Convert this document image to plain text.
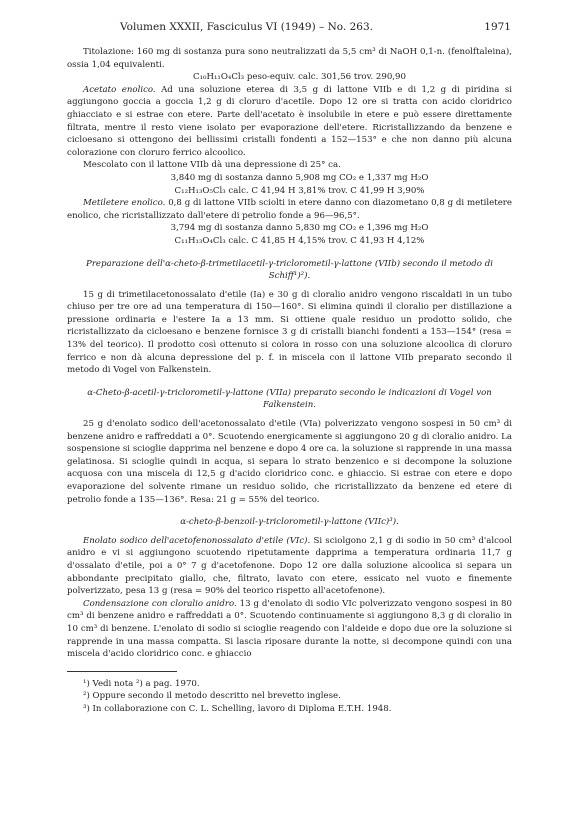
Volumen XXXII, Fasciculus VI (1949) – No. 263.	1971

Titolazione: 160 mg di sostanza pura sono neutralizzati da 5,5 cm³ di NaOH 0,1-n. (fenolftaleina), ossia 1,04 equivalenti.

C₁₀H₁₁O₄Cl₃ peso-equiv. calc. 301,56 trov. 290,90

Acetato enolico. Ad una soluzione eterea di 3,5 g di lattone VIIb e di 1,2 g di piridina si aggiungono goccia a goccia 1,2 g di cloruro d'acetile. Dopo 12 ore si tratta con acido cloridrico ghiacciato e si estrae con etere. Parte dell'acetato è insolubile in etere e può essere direttamente filtrata, mentre il resto viene isolato per evaporazione dell'etere. Ricristallizzando da benzene e cicloesano si ottengono dei bellissimi cristalli fondenti a 152—153° e che non danno più alcuna colorazione con cloruro ferrico alcoolico.

Mescolato con il lattone VIIb dà una depressione di 25° ca.

3,840 mg di sostanza danno 5,908 mg CO₂ e 1,337 mg H₂O

C₁₂H₁₃O₅Cl₃ calc. C 41,94 H 3,81% trov. C 41,99 H 3,90%

Metiletere enolico. 0,8 g di lattone VIIb sciolti in etere danno con diazometano 0,8 g di metiletere enolico, che ricristallizzato dall'etere di petrolio fonde a 96—96,5°.

3,794 mg di sostanza danno 5,830 mg CO₂ e 1,396 mg H₂O

C₁₁H₁₃O₄Cl₃ calc. C 41,85 H 4,15% trov. C 41,93 H 4,12%

Preparazione dell'α-cheto-β-trimetilacetil-γ-triclorometil-γ-lattone (VIIb) secondo il metodo di Schiff¹)²).

15 g di trimetilacetonossalato d'etile (Ia) e 30 g di cloralio anidro vengono riscaldati in un tubo chiuso per tre ore ad una temperatura di 150—160°. Si elimina quindi il cloralio per distillazione a pressione ordinaria e l'estere Ia a 13 mm. Si ottiene quale residuo un prodotto solido, che ricristallizzato da cicloesano e benzene fornisce 3 g di cristalli bianchi fondenti a 153—154° (resa = 13% del teorico). Il prodotto così ottenuto si colora in rosso con una soluzione alcoolica di cloruro ferrico e non dà alcuna depressione del p. f. in miscela con il lattone VIIb preparato secondo il metodo di Vogel von Falkenstein.

α-Cheto-β-acetil-γ-triclorometil-γ-lattone (VIIa) preparato secondo le indicazioni di Vogel von Falkenstein.

25 g d'enolato sodico dell'acetonossalato d'etile (VIa) polverizzato vengono sospesi in 50 cm³ di benzene anidro e raffreddati a 0°. Scuotendo energicamente si aggiungono 20 g di cloralio anidro. La sospensione si scioglie dapprima nel benzene e dopo 4 ore ca. la soluzione si rapprende in una massa gelatinosa. Si scioglie quindi in acqua, si separa lo strato benzenico e si decompone la soluzione acquosa con una miscela di 12,5 g d'acido cloridrico conc. e ghiaccio. Si estrae con etere e dopo evaporazione del solvente rimane un residuo solido, che ricristallizzato da benzene ed etere di petrolio fonde a 135—136°. Resa: 21 g = 55% del teorico.

α-cheto-β-benzoil-γ-triclorometil-γ-lattone (VIIc)³).

Enolato sodico dell'acetofenonossalato d'etile (VIc). Si sciolgono 2,1 g di sodio in 50 cm³ d'alcool anidro e vi si aggiungono scuotendo ripetutamente dapprima a temperatura ordinaria 11,7 g d'ossalato d'etile, poi a 0° 7 g d'acetofenone. Dopo 12 ore dalla soluzione alcoolica si separa un abbondante precipitato giallo, che, filtrato, lavato con etere, essicato nel vuoto e finemente polverizzato, pesa 13 g (resa = 90% del teorico rispetto all'acetofenone).

Condensazione con cloralio anidro. 13 g d'enolato di sodio VIc polverizzato vengono sospesi in 80 cm³ di benzene anidro e raffreddati a 0°. Scuotendo continuamente si aggiungono 8,3 g di cloralio in 10 cm³ di benzene. L'enolato di sodio si scioglie reagendo con l'aldeide e dopo due ore la soluzione si rapprende in una massa compatta. Si lascia riposare durante la notte, si decompone quindi con una miscela d'acido cloridrico conc. e ghiaccio

¹) Vedi nota ²) a pag. 1970.

²) Oppure secondo il metodo descritto nel brevetto inglese.

³) In collaborazione con C. L. Schelling, lavoro di Diploma E.T.H. 1948.
